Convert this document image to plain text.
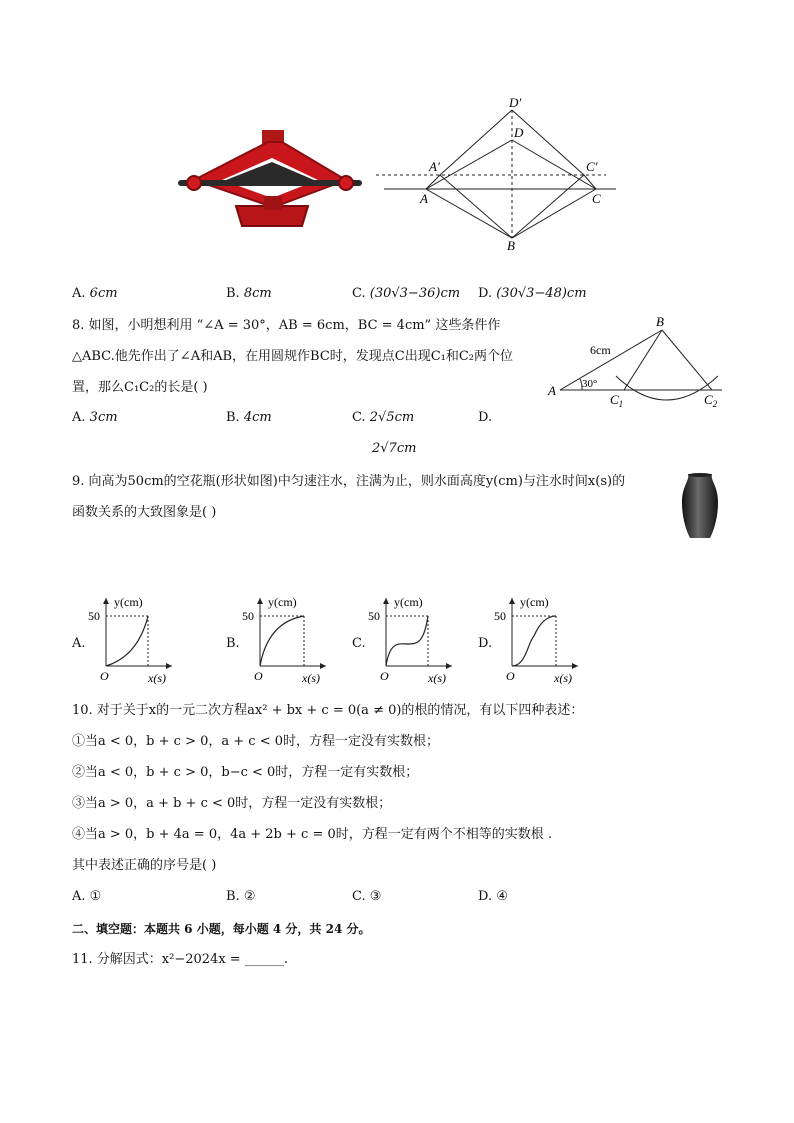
D′
D
A′	C′
A	C
B
A. 6cm	B. 8cm	C. (30√3−36)cm D. (30√3−48)cm
8. 如图，小明想利用 “∠A = 30°，AB = 6cm，BC = 4cm” 这些条件作
△ABC.他先作出了∠A和AB，在用圆规作BC时，发现点C出现C₁和C₂两个位
置，那么C₁C₂的长是( )
B
A
6cm
30°
$C_1$	$C_2$
A. 3cm	B. 4cm	C. 2√5cm	D.
2√7cm
9. 向高为50cm的空花瓶(形状如图)中匀速注水，注满为止，则水面高度y(cm)与注水时间x(s)的
函数关系的大致图象是( )
A.
y(cm)
50
O	x(s)
B.
y(cm)
50
O	x(s)
C.
y(cm)
50
O	x(s)
D.
y(cm)
50
O	x(s)
10. 对于关于x的一元二次方程ax² + bx + c = 0(a ≠ 0)的根的情况，有以下四种表述：
①当a < 0，b + c > 0，a + c < 0时，方程一定没有实数根；
②当a < 0，b + c > 0，b−c < 0时，方程一定有实数根；
③当a > 0，a + b + c < 0时，方程一定没有实数根；
④当a > 0，b + 4a = 0，4a + 2b + c = 0时，方程一定有两个不相等的实数根 .
其中表述正确的序号是( )
A. ①	B. ②	C. ③	D. ④
二、填空题：本题共 6 小题，每小题 4 分，共 24 分。
11. 分解因式：x²−2024x = ______.
